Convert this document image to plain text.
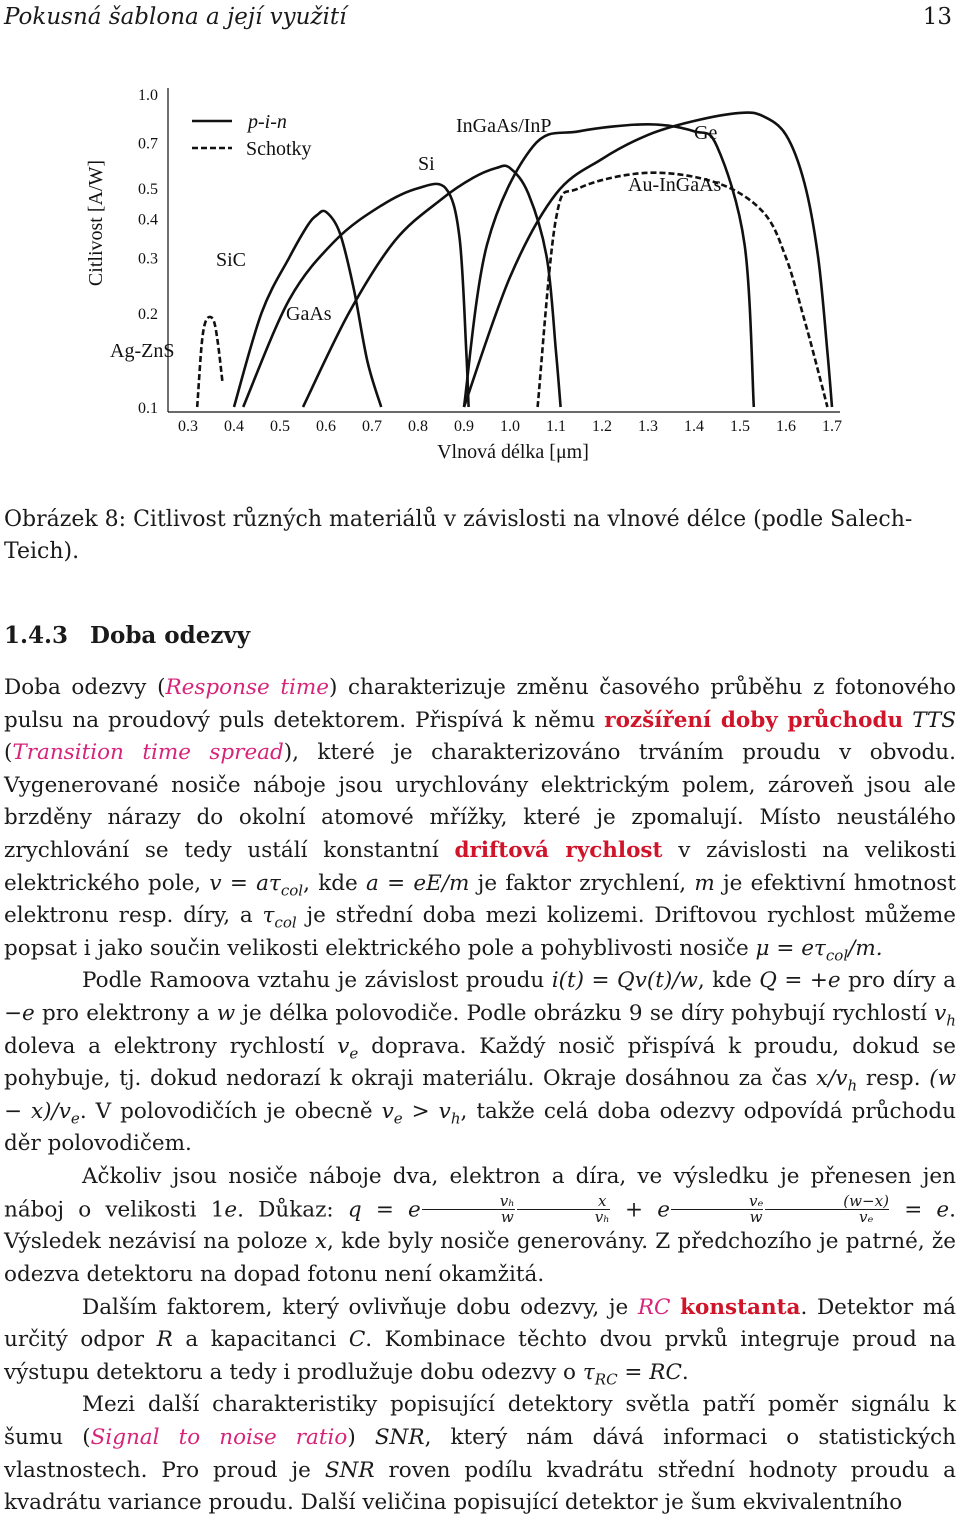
Pokusná šablona a její využití	13
1.0
0.7
0.5
0.4
0.3
0.2
0.1
0.3 0.4 0.5 0.6 0.7 0.8 0.9 1.0 1.1 1.2 1.3 1.4 1.5 1.6 1.7
Citlivost [A/W]
Vlnová délka [μm]
p-i-n
Schotky
Ag-ZnS
SiC
GaAs
Si
InGaAs/InP	Ge
Au-InGaAs
Obrázek 8: Citlivost různých materiálů v závislosti na vlnové délce (podle Salech-Teich).
1.4.3 Doba odezvy

Doba odezvy (Response time) charakterizuje změnu časového průběhu z fotonového pulsu na proudový puls detektorem. Přispívá k němu rozšíření doby průchodu TTS (Transition time spread), které je charakterizováno trváním proudu v obvodu. Vygenerované nosiče náboje jsou urychlovány elektrickým polem, zároveň jsou ale brzděny nárazy do okolní atomové mřížky, které je zpomalují. Místo neustálého zrychlování se tedy ustálí konstantní driftová rychlost v závislosti na velikosti elektrického pole, $v = a\tau_{col}$, kde a = eE/m je faktor zrychlení, m je efektivní hmotnost elektronu resp. díry, a $\tau_{col}$ je střední doba mezi kolizemi. Driftovou rychlost můžeme popsat i jako součin velikosti elektrického pole a pohyblivosti nosiče $\mu = e\tau_{col}/m$.

Podle Ramoova vztahu je závislost proudu i(t) = Qv(t)/w, kde Q = +e pro díry a −e pro elektrony a w je délka polovodiče. Podle obrázku 9 se díry pohybují rychlostí $v_h$ doleva a elektrony rychlostí $v_e$ doprava. Každý nosič přispívá k proudu, dokud se pohybuje, tj. dokud nedorazí k okraji materiálu. Okraje dosáhnou za čas $x/v_h$ resp. $(w - x)/v_e$. V polovodičích je obecně $v_e > v_h$, takže celá doba odezvy odpovídá průchodu děr polovodičem.

Ačkoliv jsou nosiče náboje dva, elektron a díra, ve výsledku je přenesen jen náboj o velikosti 1e. Důkaz: q = e $\frac{\text{vₕ}}{w} \frac{x}{\text{vₕ}} + e \frac{\text{vₑ}}{w} \frac{(w-x)}{\text{vₑ}} = e$. Výsledek nezávisí na poloze x, kde byly nosiče generovány. Z předchozího je patrné, že odezva detektoru na dopad fotonu není okamžitá.

Dalším faktorem, který ovlivňuje dobu odezvy, je RC konstanta. Detektor má určitý odpor R a kapacitanci C. Kombinace těchto dvou prvků integruje proud na výstupu detektoru a tedy i prodlužuje dobu odezvy o $\tau_{RC}$ = RC.

Mezi další charakteristiky popisující detektory světla patří poměr signálu k šumu (Signal to noise ratio) SNR, který nám dává informaci o statistických vlastnostech. Pro proud je SNR roven podílu kvadrátu střední hodnoty proudu a kvadrátu variance proudu. Další veličina popisující detektor je šum ekvivalentního
